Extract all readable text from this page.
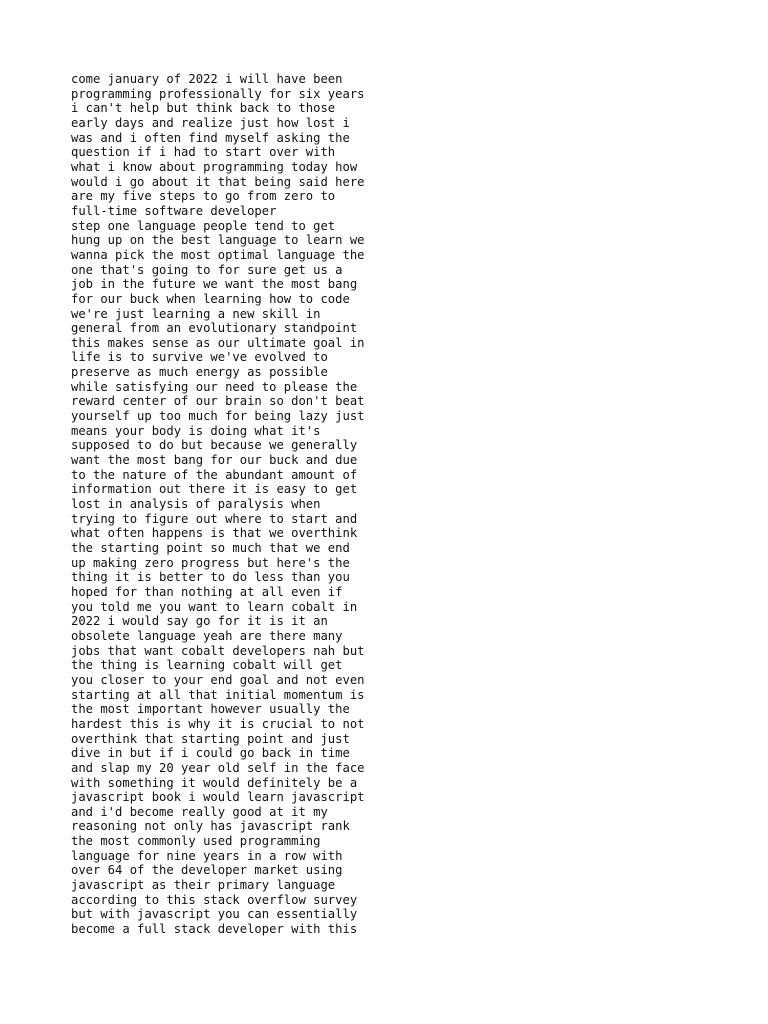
come january of 2022 i will have been
programming professionally for six years
i can't help but think back to those
early days and realize just how lost i
was and i often find myself asking the
question if i had to start over with
what i know about programming today how
would i go about it that being said here
are my five steps to go from zero to
full-time software developer
step one language people tend to get
hung up on the best language to learn we
wanna pick the most optimal language the
one that's going to for sure get us a
job in the future we want the most bang
for our buck when learning how to code
we're just learning a new skill in
general from an evolutionary standpoint
this makes sense as our ultimate goal in
life is to survive we've evolved to
preserve as much energy as possible
while satisfying our need to please the
reward center of our brain so don't beat
yourself up too much for being lazy just
means your body is doing what it's
supposed to do but because we generally
want the most bang for our buck and due
to the nature of the abundant amount of
information out there it is easy to get
lost in analysis of paralysis when
trying to figure out where to start and
what often happens is that we overthink
the starting point so much that we end
up making zero progress but here's the
thing it is better to do less than you
hoped for than nothing at all even if
you told me you want to learn cobalt in
2022 i would say go for it is it an
obsolete language yeah are there many
jobs that want cobalt developers nah but
the thing is learning cobalt will get
you closer to your end goal and not even
starting at all that initial momentum is
the most important however usually the
hardest this is why it is crucial to not
overthink that starting point and just
dive in but if i could go back in time
and slap my 20 year old self in the face
with something it would definitely be a
javascript book i would learn javascript
and i'd become really good at it my
reasoning not only has javascript rank
the most commonly used programming
language for nine years in a row with
over 64 of the developer market using
javascript as their primary language
according to this stack overflow survey
but with javascript you can essentially
become a full stack developer with this
